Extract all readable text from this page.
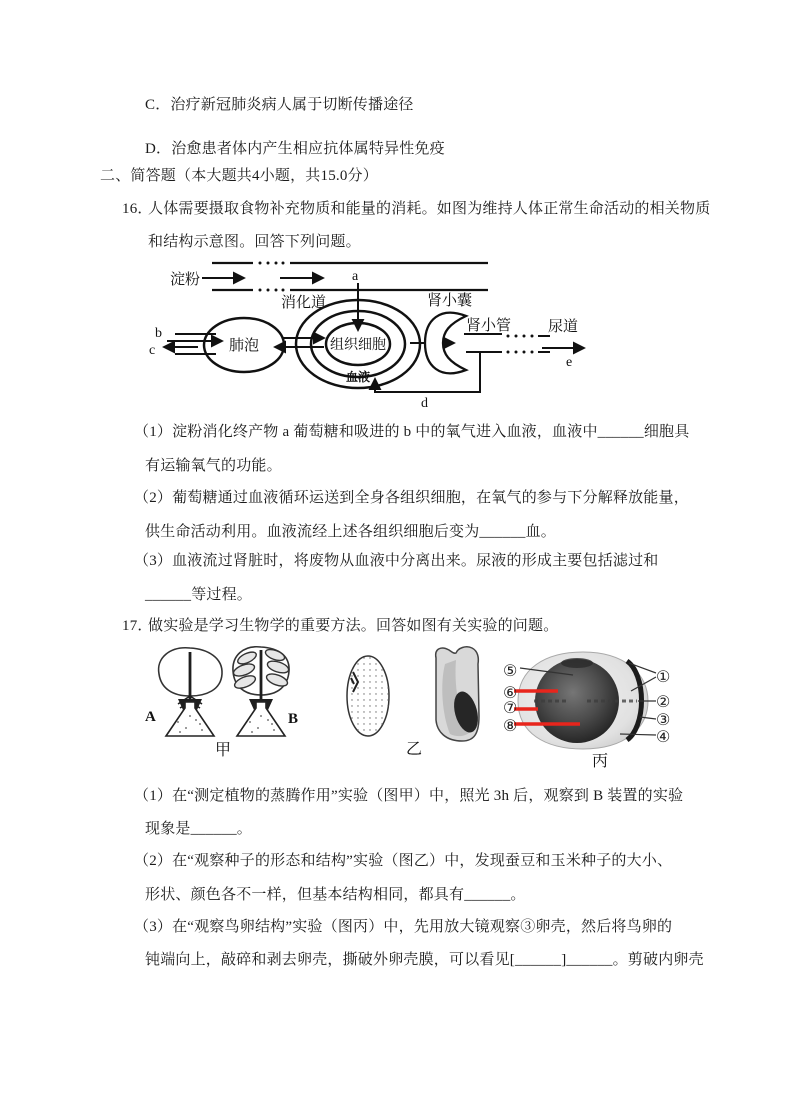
C．治疗新冠肺炎病人属于切断传播途径
D．治愈患者体内产生相应抗体属特异性免疫
二、简答题（本大题共4小题，共15.0分）
16．
人体需要摄取食物补充物质和能量的消耗。如图为维持人体正常生命活动的相关物质
和结构示意图。回答下列问题。
淀粉
消化道
a
b
c	肺泡	组织细胞
血液
肾小囊
肾小管 尿道
d
e
（1）淀粉消化终产物 a 葡萄糖和吸进的 b 中的氧气进入血液，血液中______细胞具
有运输氧气的功能。
（2）葡萄糖通过血液循环运送到全身各组织细胞，在氧气的参与下分解释放能量，
供生命活动利用。血液流经上述各组织细胞后变为______血。
（3）血液流过肾脏时，将废物从血液中分离出来。尿液的形成主要包括滤过和
______等过程。
17．
做实验是学习生物学的重要方法。回答如图有关实验的问题。
A	B
甲	乙
⑤
⑥
⑦
⑧
①
②
③
④
丙
（1）在“测定植物的蒸腾作用”实验（图甲）中，照光 3h 后，观察到 B 装置的实验
现象是______。
（2）在“观察种子的形态和结构”实验（图乙）中，发现蚕豆和玉米种子的大小、
形状、颜色各不一样，但基本结构相同，都具有______。
（3）在“观察鸟卵结构”实验（图丙）中，先用放大镜观察③卵壳，然后将鸟卵的
钝端向上，敲碎和剥去卵壳，撕破外卵壳膜，可以看见[______]______。剪破内卵壳
